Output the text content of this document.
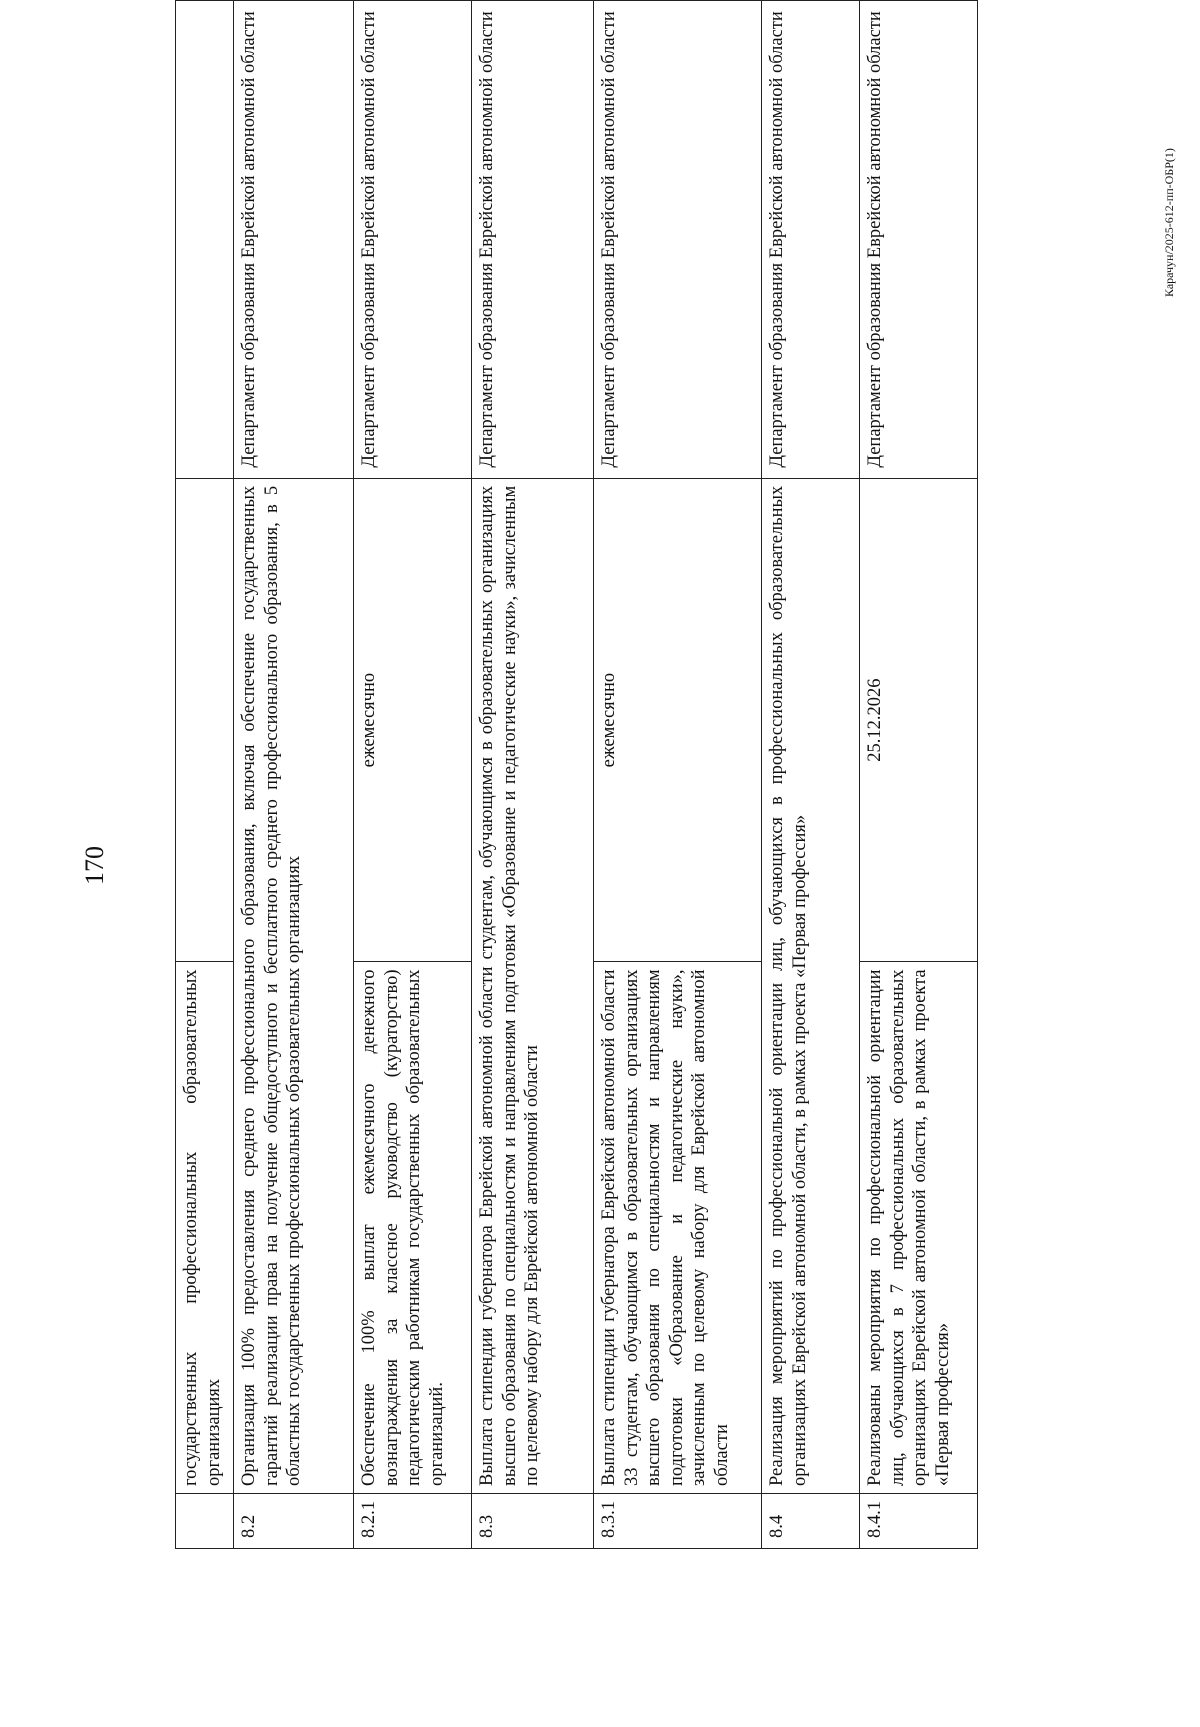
170
	государственных профессиональных образовательных организациях		
8.2	Организация 100% предоставления среднего профессионального образования, включая обеспечение государственных гарантий реализации права на получение общедоступного и бесплатного среднего профессионального образования, в 5 областных государственных профессиональных образовательных организациях		Департамент образования Еврейской автономной области
8.2.1	Обеспечение 100% выплат ежемесячного денежного вознаграждения за классное руководство (кураторство) педагогическим работникам государственных образовательных организаций.	ежемесячно	Департамент образования Еврейской автономной области
8.3	Выплата стипендии губернатора Еврейской автономной области студентам, обучающимся в образовательных организациях высшего образования по специальностям и направлениям подготовки «Образование и педагогические науки», зачисленным по целевому набору для Еврейской автономной области		Департамент образования Еврейской автономной области
8.3.1	Выплата стипендии губернатора Еврейской автономной области 33 студентам, обучающимся в образовательных организациях высшего образования по специальностям и направлениям подготовки «Образование и педагогические науки», зачисленным по целевому набору для Еврейской автономной области	ежемесячно	Департамент образования Еврейской автономной области
8.4	Реализация мероприятий по профессиональной ориентации лиц, обучающихся в профессиональных образовательных организациях Еврейской автономной области, в рамках проекта «Первая профессия»		Департамент образования Еврейской автономной области
8.4.1	Реализованы мероприятия по профессиональной ориентации лиц, обучающихся в 7 профессиональных образовательных организациях Еврейской автономной области, в рамках проекта «Первая профессия»	25.12.2026	Департамент образования Еврейской автономной области	Карачун/2025-612-пп-ОБР(1)
